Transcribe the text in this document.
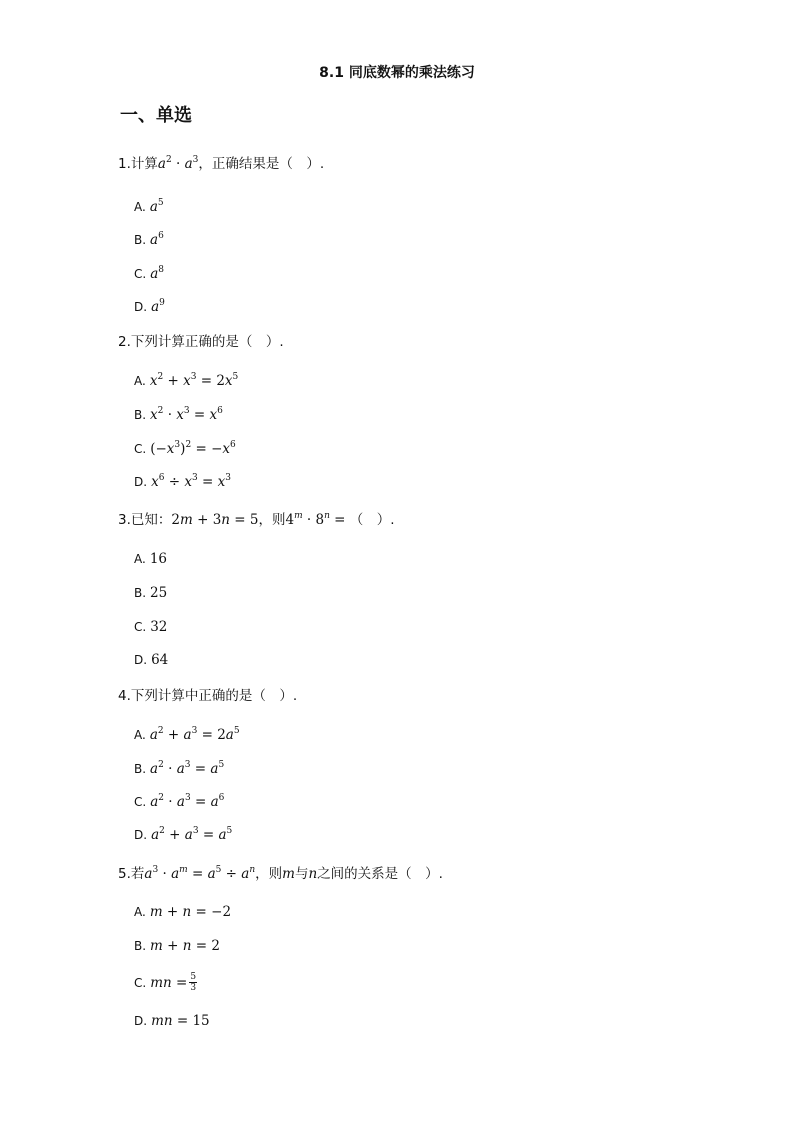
8.1 同底数幂的乘法练习
一、单选
1.计算$a^2 \cdot a^3$，正确结果是（　）.
A. $a^5$
B. $a^6$
C. $a^8$
D. $a^9$
2.下列计算正确的是（　）.
A. $x^2 + x^3 = 2x^5$
B. $x^2 \cdot x^3 = x^6$
C. $(-x^3)^2 = -x^6$
D. $x^6 \div x^3 = x^3$
3.已知：2m + 3n = 5，则$4^m \cdot 8^n$ = （　）.
A. 16
B. 25
C. 32
D. 64
4.下列计算中正确的是（　）.
A. $a^2 + a^3 = 2a^5$
B. $a^2 \cdot a^3 = a^5$
C. $a^2 \cdot a^3 = a^6$
D. $a^2 + a^3 = a^5$
5.若$a^3 \cdot a^m = a^5 \div a^n$，则m与n之间的关系是（　）.
A. m + n = −2
B. m + n = 2
C. mn = $\frac{5}{3}$
D. mn = 15
